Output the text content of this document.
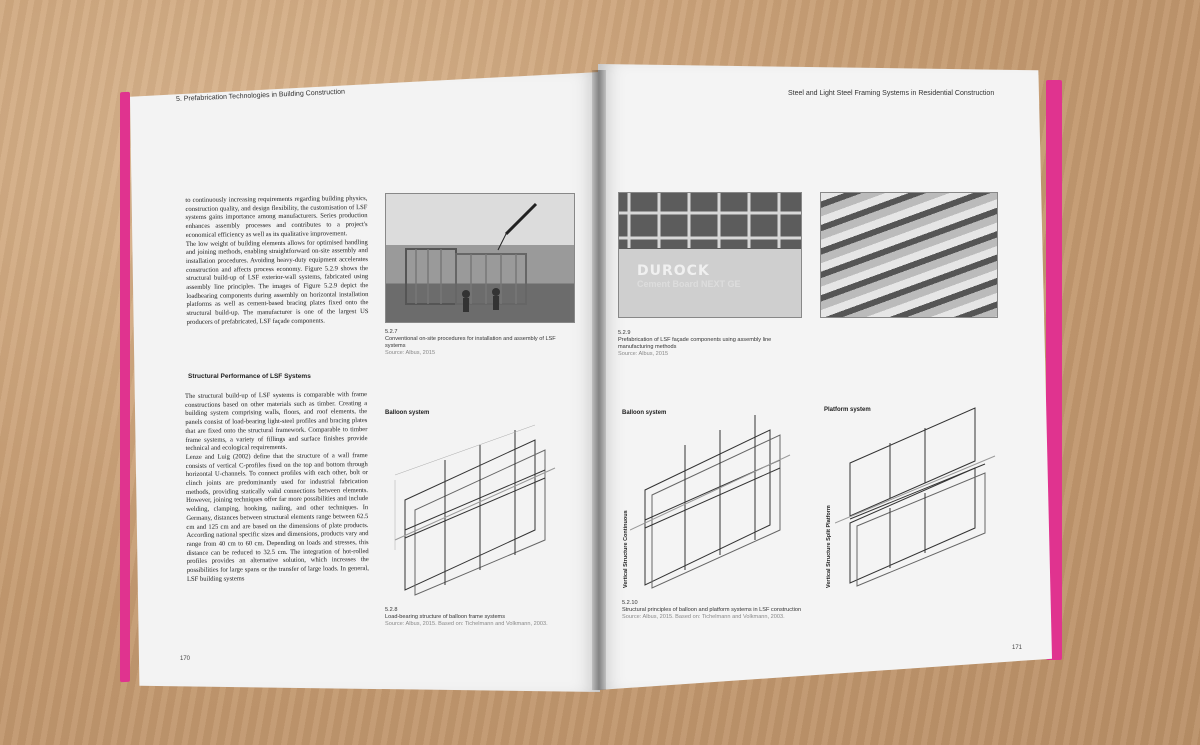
5. Prefabrication Technologies in Building Construction	Steel and Light Steel Framing Systems in Residential Construction

to continuously increasing requirements regarding building physics, construction quality, and design flexibility, the customisation of LSF systems gains importance among manufacturers. Series production enhances assembly processes and contributes to a project's economical efficiency as well as its qualitative improvement.

The low weight of building elements allows for optimised handling and joining methods, enabling straightforward on-site assembly and installation procedures. Avoiding heavy-duty equipment accelerates construction and affects process economy. Figure 5.2.9 shows the structural build-up of LSF exterior-wall systems, fabricated using assembly line principles. The images of Figure 5.2.9 depict the loadbearing components during assembly on horizontal installation platforms as well as cement-based bracing plates fixed onto the structural build-up. The manufacturer is one of the largest US producers of prefabricated, LSF façade components.

Structural Performance of LSF Systems

The structural build-up of LSF systems is comparable with frame constructions based on other materials such as timber. Creating a building system comprising walls, floors, and roof elements, the panels consist of load-bearing light-steel profiles and bracing plates that are fixed onto the structural framework. Comparable to timber frame systems, a variety of fillings and surface finishes provide technical and ecological requirements.

Lenze and Luig (2002) define that the structure of a wall frame consists of vertical C-profiles fixed on the top and bottom through horizontal U-channels. To connect profiles with each other, bolt or clinch joints are predominantly used for industrial fabrication methods, providing statically valid connections between elements. However, joining techniques offer far more possibilities and include welding, clamping, hooking, nailing, and other techniques. In Germany, distances between structural elements range between 62.5 cm and 125 cm and are based on the dimensions of plate products. According national specific sizes and dimensions, products vary and range from 40 cm to 60 cm. Depending on loads and stresses, this distance can be reduced to 32.5 cm. The integration of hot-rolled profiles provides an alternative solution, which increases the possibilities for large spans or the transfer of large loads. In general, LSF building systems

5.2.7
Conventional on-site procedures for installation and assembly of LSF systems
Source: Albus, 2015
DUROCK
Cement Board NEXT GE
5.2.9
Prefabrication of LSF façade components using assembly line manufacturing methods
Source: Albus, 2015
Balloon system
5.2.8
Load-bearing structure of balloon frame systems
Source: Albus, 2015. Based on: Tichelmann and Volkmann, 2003.
Balloon system	Platform system
Vertical Structure Continuous	Vertical Structure Split Platform
5.2.10
Structural principles of balloon and platform systems in LSF construction
Source: Albus, 2015. Based on: Tichelmann and Volkmann, 2003.
170
171
